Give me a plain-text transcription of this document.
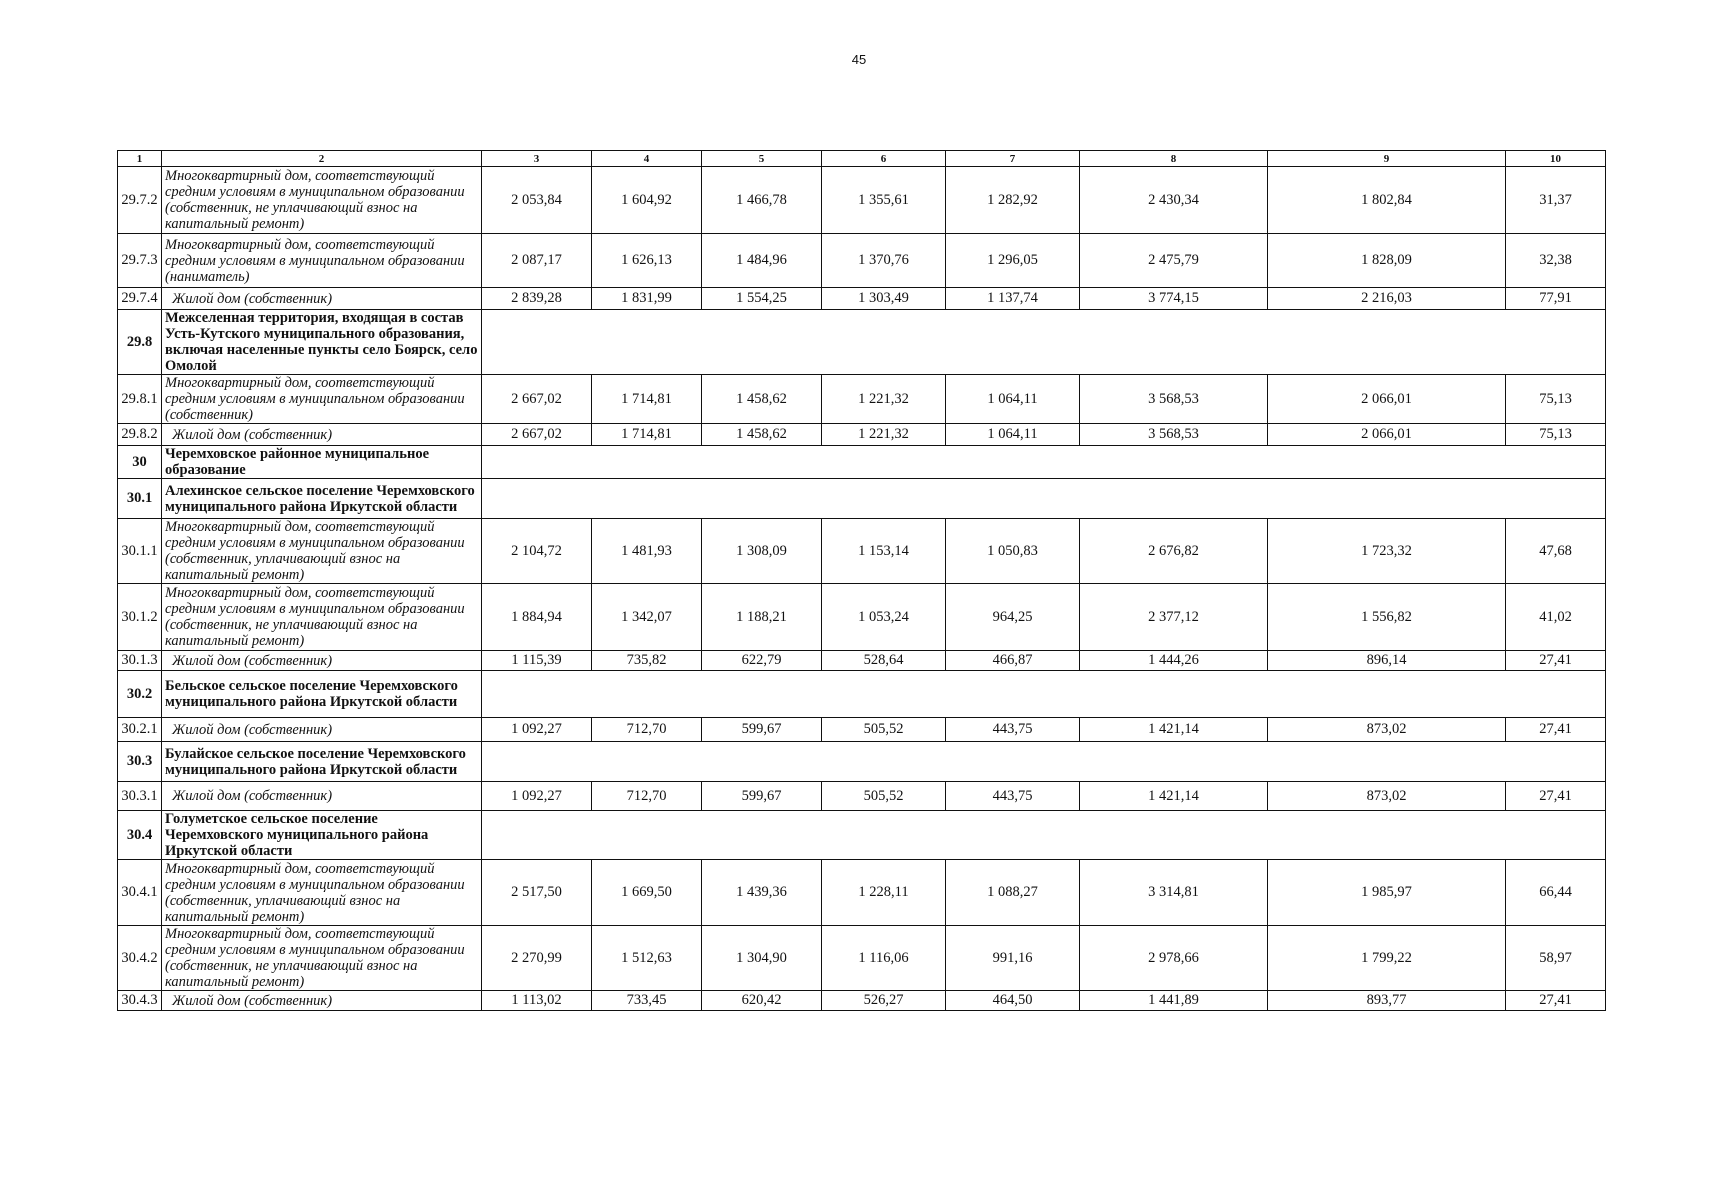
45
1	2	3	4	5	6	7	8	9	10
29.7.2	Многоквартирный дом, соответствующий средним условиям в муниципальном образовании (собственник, не уплачивающий взнос на капитальный ремонт)	2 053,84	1 604,92	1 466,78	1 355,61	1 282,92	2 430,34	1 802,84	31,37
29.7.3	Многоквартирный дом, соответствующий средним условиям в муниципальном образовании (наниматель)	2 087,17	1 626,13	1 484,96	1 370,76	1 296,05	2 475,79	1 828,09	32,38
29.7.4	Жилой дом (собственник)	2 839,28	1 831,99	1 554,25	1 303,49	1 137,74	3 774,15	2 216,03	77,91
29.8	Межселенная территория, входящая в состав Усть-Кутского муниципального образования, включая населенные пункты село Боярск, село Омолой								
29.8.1	Многоквартирный дом, соответствующий средним условиям в муниципальном образовании (собственник)	2 667,02	1 714,81	1 458,62	1 221,32	1 064,11	3 568,53	2 066,01	75,13
29.8.2	Жилой дом (собственник)	2 667,02	1 714,81	1 458,62	1 221,32	1 064,11	3 568,53	2 066,01	75,13
30	Черемховское районное муниципальное образование								
30.1	Алехинское сельское поселение Черемховского муниципального района Иркутской области								
30.1.1	Многоквартирный дом, соответствующий средним условиям в муниципальном образовании (собственник, уплачивающий взнос на капитальный ремонт)	2 104,72	1 481,93	1 308,09	1 153,14	1 050,83	2 676,82	1 723,32	47,68
30.1.2	Многоквартирный дом, соответствующий средним условиям в муниципальном образовании (собственник, не уплачивающий взнос на капитальный ремонт)	1 884,94	1 342,07	1 188,21	1 053,24	964,25	2 377,12	1 556,82	41,02
30.1.3	Жилой дом (собственник)	1 115,39	735,82	622,79	528,64	466,87	1 444,26	896,14	27,41
30.2	Бельское сельское поселение Черемховского муниципального района Иркутской области								
30.2.1	Жилой дом (собственник)	1 092,27	712,70	599,67	505,52	443,75	1 421,14	873,02	27,41
30.3	Булайское сельское поселение Черемховского муниципального района Иркутской области								
30.3.1	Жилой дом (собственник)	1 092,27	712,70	599,67	505,52	443,75	1 421,14	873,02	27,41
30.4	Голуметское сельское поселение Черемховского муниципального района Иркутской области								
30.4.1	Многоквартирный дом, соответствующий средним условиям в муниципальном образовании (собственник, уплачивающий взнос на капитальный ремонт)	2 517,50	1 669,50	1 439,36	1 228,11	1 088,27	3 314,81	1 985,97	66,44
30.4.2	Многоквартирный дом, соответствующий средним условиям в муниципальном образовании (собственник, не уплачивающий взнос на капитальный ремонт)	2 270,99	1 512,63	1 304,90	1 116,06	991,16	2 978,66	1 799,22	58,97
30.4.3	Жилой дом (собственник)	1 113,02	733,45	620,42	526,27	464,50	1 441,89	893,77	27,41
